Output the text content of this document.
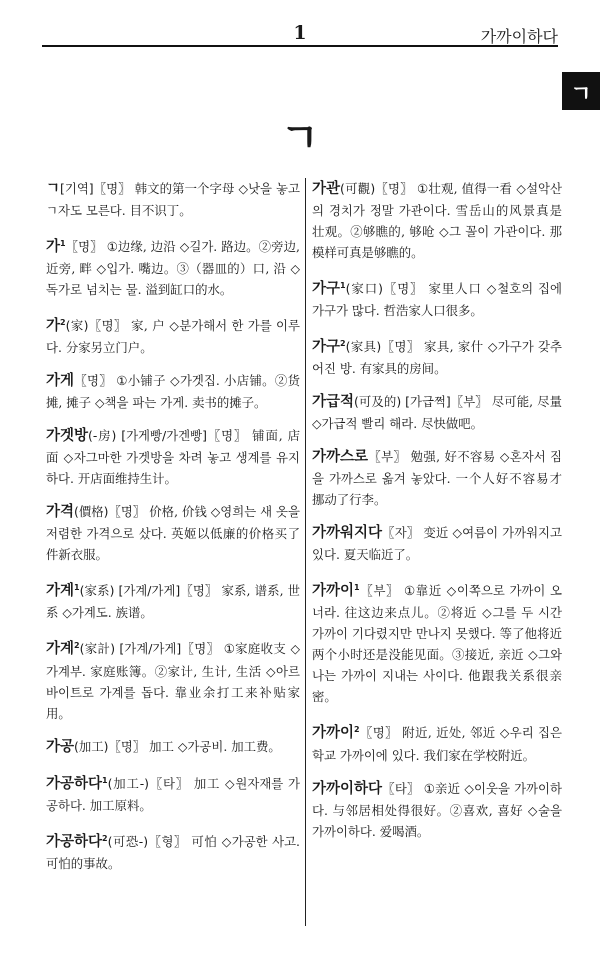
1	가까이하다
ㄱ
ㄱ
ㄱ[기역]〖명〗 韩文的第一个字母 ◇낫을 놓고 ㄱ자도 모른다. 目不识丁。
가$^1$〖명〗 ①边缘, 边沿 ◇길가. 路边。②旁边, 近旁, 畔 ◇입가. 嘴边。③（器皿的）口, 沿 ◇독가로 넘치는 물. 溢到缸口的水。
가$^2$(家)〖명〗 家, 户 ◇분가해서 한 가를 이루다. 分家另立门户。
가게〖명〗 ①小铺子 ◇가겟집. 小店铺。②货摊, 摊子 ◇책을 파는 가게. 卖书的摊子。
가겟방(-房) [가게빵/가겐빵]〖명〗 铺面, 店面 ◇자그마한 가겟방을 차려 놓고 생계를 유지하다. 开店面维持生计。
가격(價格)〖명〗 价格, 价钱 ◇영희는 새 옷을 저렴한 가격으로 샀다. 英姬以低廉的价格买了件新衣服。
가계$^1$(家系) [가계/가게]〖명〗 家系, 谱系, 世系 ◇가계도. 族谱。
가계$^2$(家計) [가계/가게]〖명〗 ①家庭收支 ◇가계부. 家庭账簿。②家计, 生计, 生活 ◇아르바이트로 가계를 돕다. 靠业余打工来补贴家用。
가공(加工)〖명〗 加工 ◇가공비. 加工费。
가공하다$^1$(加工-)〖타〗 加工 ◇원자재를 가공하다. 加工原料。
가공하다$^2$(可恐-)〖형〗 可怕 ◇가공한 사고. 可怕的事故。
가관(可觀)〖명〗 ①壮观, 值得一看 ◇설악산의 경치가 정말 가관이다. 雪岳山的风景真是壮观。②够瞧的, 够呛 ◇그 꼴이 가관이다. 那模样可真是够瞧的。
가구$^1$(家口)〖명〗 家里人口 ◇철호의 집에 가구가 많다. 哲浩家人口很多。
가구$^2$(家具)〖명〗 家具, 家什 ◇가구가 갖추어진 방. 有家具的房间。
가급적(可及的) [가급쩍]〖부〗 尽可能, 尽量 ◇가급적 빨리 해라. 尽快做吧。
가까스로〖부〗 勉强, 好不容易 ◇혼자서 짐을 가까스로 옮겨 놓았다. 一个人好不容易才挪动了行李。
가까워지다〖자〗 变近 ◇여름이 가까워지고 있다. 夏天临近了。
가까이$^1$〖부〗 ①靠近 ◇이쪽으로 가까이 오너라. 往这边来点儿。②将近 ◇그를 두 시간 가까이 기다렸지만 만나지 못했다. 等了他将近两个小时还是没能见面。③接近, 亲近 ◇그와 나는 가까이 지내는 사이다. 他跟我关系很亲密。
가까이$^2$〖명〗 附近, 近处, 邻近 ◇우리 집은 학교 가까이에 있다. 我们家在学校附近。
가까이하다〖타〗 ①亲近 ◇이웃을 가까이하다. 与邻居相处得很好。②喜欢, 喜好 ◇술을 가까이하다. 爱喝酒。
